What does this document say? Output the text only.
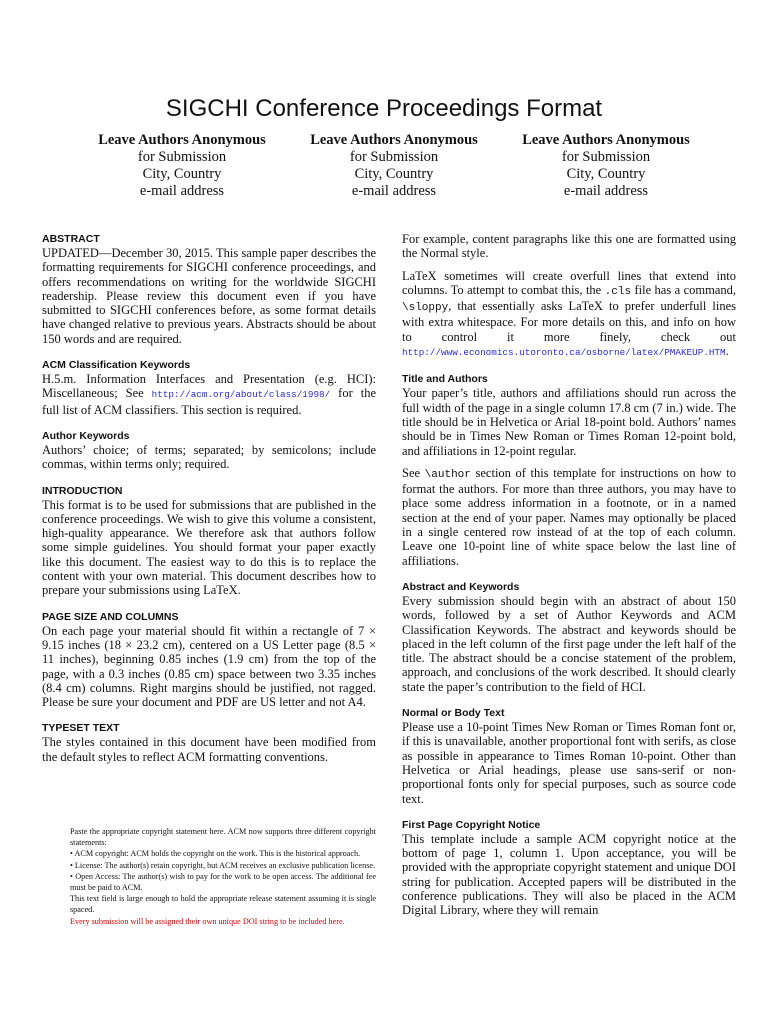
SIGCHI Conference Proceedings Format
Leave Authors Anonymous
for Submission
City, Country
e-mail address
Leave Authors Anonymous
for Submission
City, Country
e-mail address
Leave Authors Anonymous
for Submission
City, Country
e-mail address
ABSTRACT

UPDATED—December 30, 2015. This sample paper describes the formatting requirements for SIGCHI conference proceedings, and offers recommendations on writing for the worldwide SIGCHI readership. Please review this document even if you have submitted to SIGCHI conferences before, as some format details have changed relative to previous years. Abstracts should be about 150 words and are required.

ACM Classification Keywords

H.5.m. Information Interfaces and Presentation (e.g. HCI): Miscellaneous; See http://acm.org/about/class/1998/ for the full list of ACM classifiers. This section is required.

Author Keywords

Authors’ choice; of terms; separated; by semicolons; include commas, within terms only; required.

INTRODUCTION

This format is to be used for submissions that are published in the conference proceedings. We wish to give this volume a consistent, high-quality appearance. We therefore ask that authors follow some simple guidelines. You should format your paper exactly like this document. The easiest way to do this is to replace the content with your own material. This document describes how to prepare your submissions using LaTeX.

PAGE SIZE AND COLUMNS

On each page your material should fit within a rectangle of 7 × 9.15 inches (18 × 23.2 cm), centered on a US Letter page (8.5 × 11 inches), beginning 0.85 inches (1.9 cm) from the top of the page, with a 0.3 inches (0.85 cm) space between two 3.35 inches (8.4 cm) columns. Right margins should be justified, not ragged. Please be sure your document and PDF are US letter and not A4.

TYPESET TEXT

The styles contained in this document have been modified from the default styles to reflect ACM formatting conventions.

Paste the appropriate copyright statement here. ACM now supports three different copyright statements:

• ACM copyright: ACM holds the copyright on the work. This is the historical approach.

• License: The author(s) retain copyright, but ACM receives an exclusive publication license.

• Open Access: The author(s) wish to pay for the work to be open access. The additional fee must be paid to ACM.

This text field is large enough to hold the appropriate release statement assuming it is single spaced.

Every submission will be assigned their own unique DOI string to be included here.

For example, content paragraphs like this one are formatted using the Normal style.

LaTeX sometimes will create overfull lines that extend into columns. To attempt to combat this, the .cls file has a command, \sloppy, that essentially asks LaTeX to prefer underfull lines with extra whitespace. For more details on this, and info on how to control it more finely, check out http://www.economics.utoronto.ca/osborne/latex/PMAKEUP.HTM.

Title and Authors

Your paper’s title, authors and affiliations should run across the full width of the page in a single column 17.8 cm (7 in.) wide. The title should be in Helvetica or Arial 18-point bold. Authors’ names should be in Times New Roman or Times Roman 12-point bold, and affiliations in 12-point regular.

See \author section of this template for instructions on how to format the authors. For more than three authors, you may have to place some address information in a footnote, or in a named section at the end of your paper. Names may optionally be placed in a single centered row instead of at the top of each column. Leave one 10-point line of white space below the last line of affiliations.

Abstract and Keywords

Every submission should begin with an abstract of about 150 words, followed by a set of Author Keywords and ACM Classification Keywords. The abstract and keywords should be placed in the left column of the first page under the left half of the title. The abstract should be a concise statement of the problem, approach, and conclusions of the work described. It should clearly state the paper’s contribution to the field of HCI.

Normal or Body Text

Please use a 10-point Times New Roman or Times Roman font or, if this is unavailable, another proportional font with serifs, as close as possible in appearance to Times Roman 10-point. Other than Helvetica or Arial headings, please use sans-serif or non-proportional fonts only for special purposes, such as source code text.

First Page Copyright Notice

This template include a sample ACM copyright notice at the bottom of page 1, column 1. Upon acceptance, you will be provided with the appropriate copyright statement and unique DOI string for publication. Accepted papers will be distributed in the conference publications. They will also be placed in the ACM Digital Library, where they will remain
